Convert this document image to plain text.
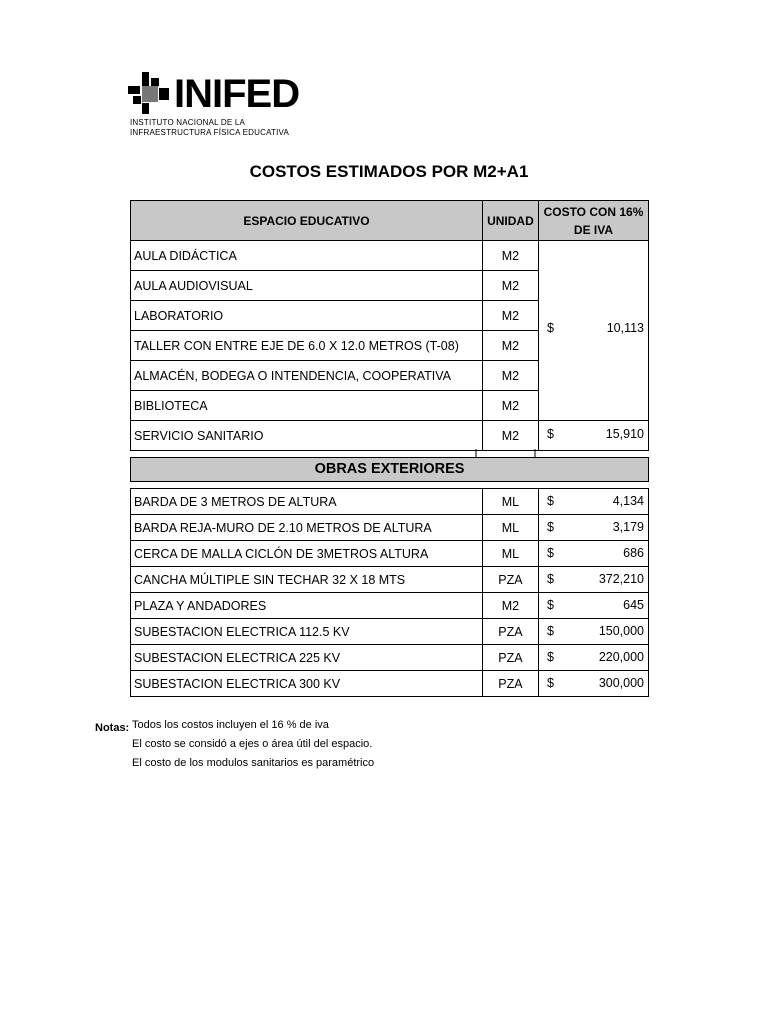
INIFED
INSTITUTO NACIONAL DE LA
INFRAESTRUCTURA FÍSICA EDUCATIVA
COSTOS ESTIMADOS POR M2+A1
ESPACIO EDUCATIVO	UNIDAD	COSTO CON 16%
DE IVA

AULA DIDÁCTICA	M2	$ 10,113

AULA AUDIOVISUAL	M2	
LABORATORIO	M2	
TALLER CON ENTRE EJE DE 6.0 X 12.0 METROS (T-08)	M2	
ALMACÉN, BODEGA O INTENDENCIA, COOPERATIVA	M2	
BIBLIOTECA	M2	
SERVICIO SANITARIO	M2	$ 15,910
OBRAS EXTERIORES
BARDA DE 3 METROS DE ALTURA	ML	$ 4,134

BARDA REJA-MURO DE 2.10 METROS DE ALTURA	ML	$ 3,179

CERCA DE MALLA CICLÓN DE 3METROS ALTURA	ML	$ 686

CANCHA MÚLTIPLE SIN TECHAR 32 X 18 MTS	PZA	$ 372,210

PLAZA Y ANDADORES	M2	$ 645

SUBESTACION ELECTRICA 112.5 KV	PZA	$ 150,000

SUBESTACION ELECTRICA 225 KV	PZA	$ 220,000

SUBESTACION ELECTRICA 300 KV	PZA	$ 300,000
Notas: Todos los costos incluyen el 16 % de iva
El costo se considó a ejes o área útil del espacio.
El costo de los modulos sanitarios es paramétrico
